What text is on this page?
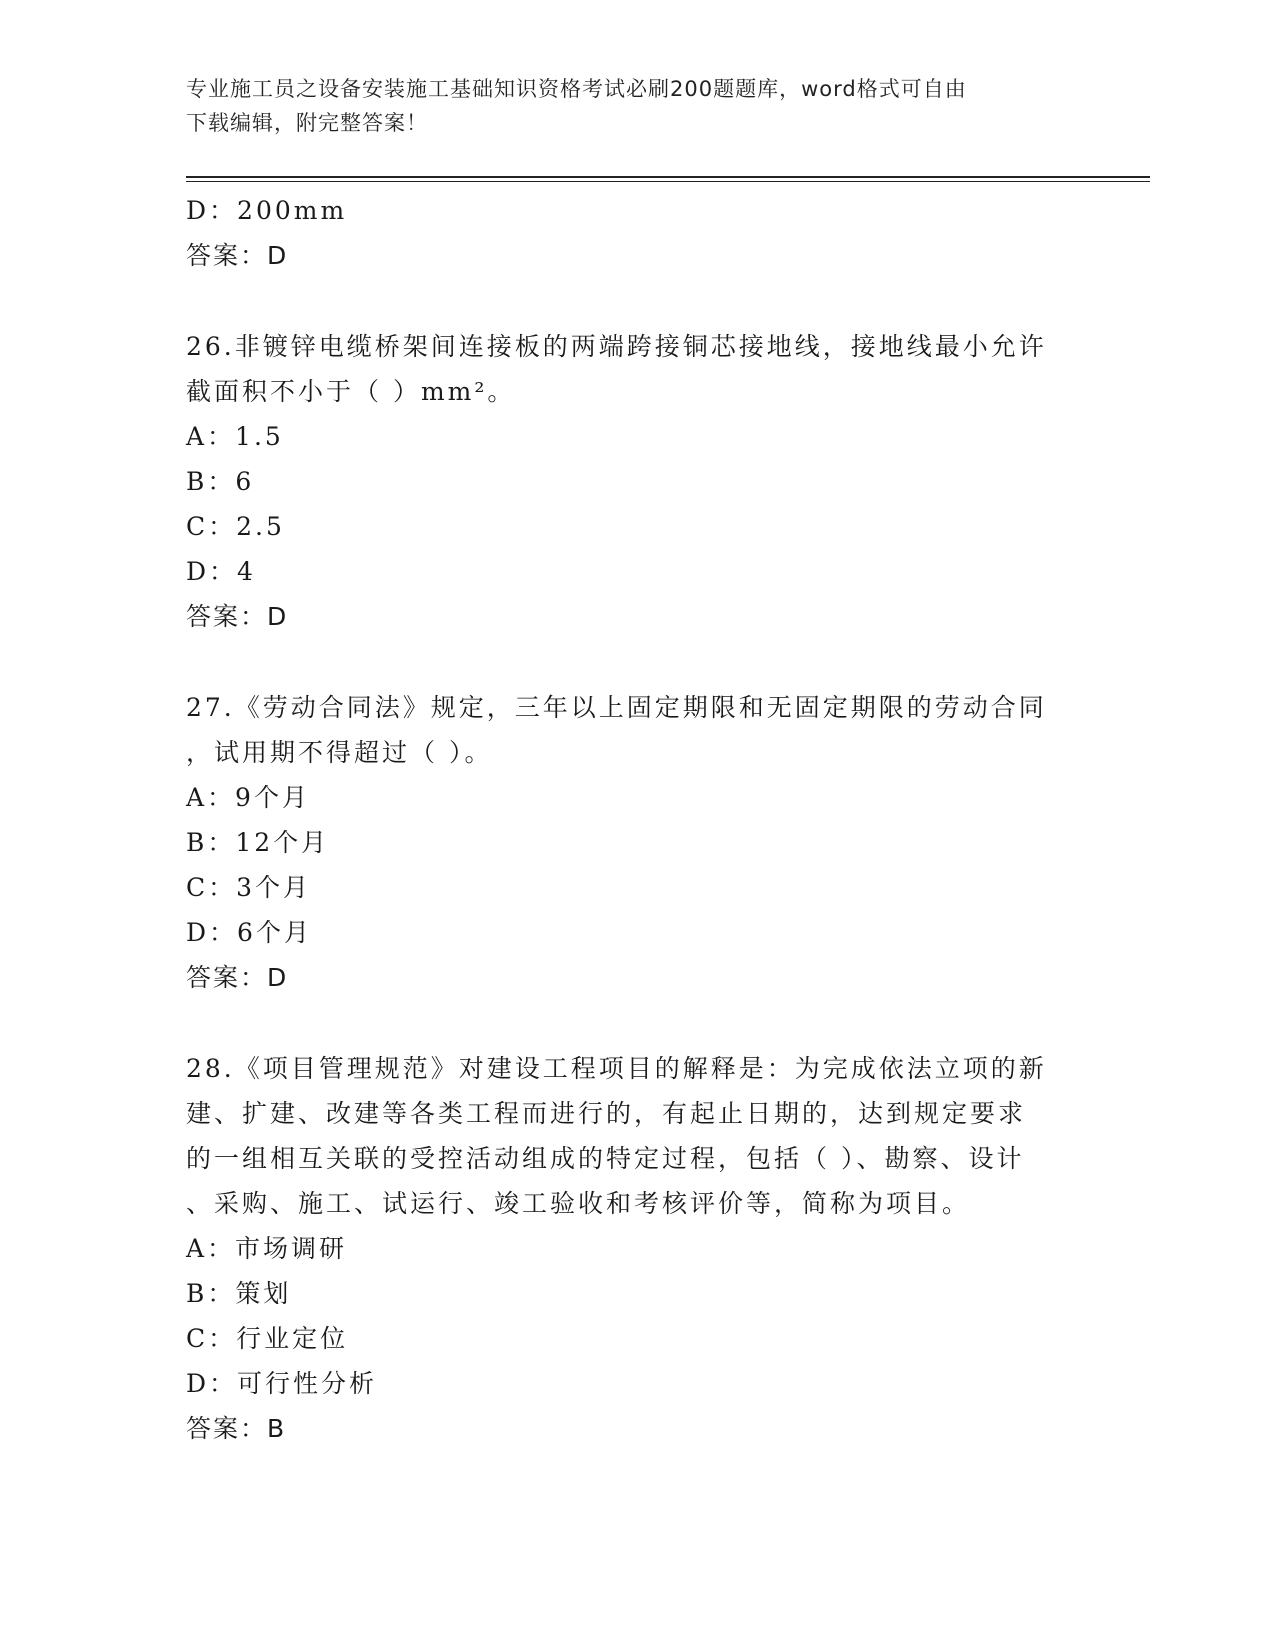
专业施工员之设备安装施工基础知识资格考试必刷200题题库，word格式可自由
下载编辑，附完整答案！
D：200mm
答案：D
26.非镀锌电缆桥架间连接板的两端跨接铜芯接地线，接地线最小允许
截面积不小于（ ）mm²。
A：1.5
B：6
C：2.5
D：4
答案：D
27.《劳动合同法》规定，三年以上固定期限和无固定期限的劳动合同
，试用期不得超过（ ）。
A：9个月
B：12个月
C：3个月
D：6个月
答案：D
28.《项目管理规范》对建设工程项目的解释是：为完成依法立项的新
建、扩建、改建等各类工程而进行的，有起止日期的，达到规定要求
的一组相互关联的受控活动组成的特定过程，包括（ ）、勘察、设计
、采购、施工、试运行、竣工验收和考核评价等，简称为项目。
A：市场调研
B：策划
C：行业定位
D：可行性分析
答案：B
